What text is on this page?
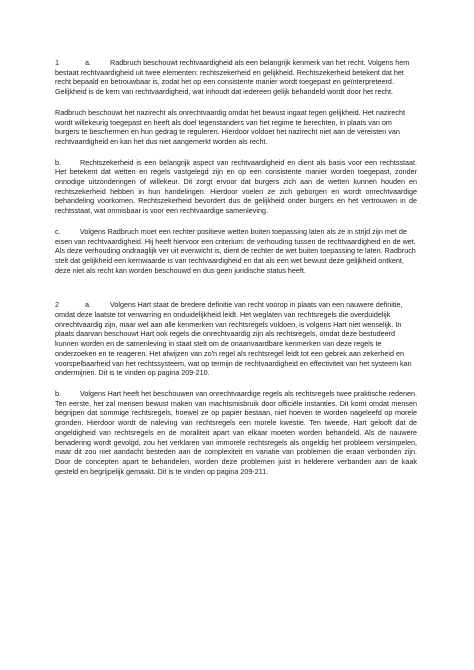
1	a.	Radbruch beschouwt rechtvaardigheid als een belangrijk kenmerk van het recht. Volgens hem bestaat rechtvaardigheid uit twee elementen: rechtszekerheid en gelijkheid. Rechtszekerheid betekent dat het recht bepaald en betrouwbaar is, zodat het op een consistente manier wordt toegepast en geïnterpreteerd. Gelijkheid is de kern van rechtvaardigheid, wat inhoudt dat iedereen gelijk behandeld wordt door het recht.

Radbruch beschouwt het nazirecht als onrechtvaardig omdat het bewust ingaat tegen gelijkheid. Het nazirecht wordt willekeurig toegepast en heeft als doel tegenstanders van het regime te berechten, in plaats van om burgers te beschermen en hun gedrag te reguleren. Hierdoor voldoet het nazirecht niet aan de vereisten van rechtvaardigheid en kan het dus niet aangemerkt worden als recht.

b.	Rechtszekerheid is een belangrijk aspect van rechtvaardigheid en dient als basis voor een rechtsstaat. Het betekent dat wetten en regels vastgelegd zijn en op een consistente manier worden toegepast, zonder onnodige uitzonderingen of willekeur. Dit zorgt ervoor dat burgers zich aan de wetten kunnen houden en rechtszekerheid hebben in hun handelingen. Hierdoor voelen ze zich geborgen en wordt onrechtvaardige behandeling voorkomen. Rechtszekerheid bevordert dus de gelijkheid onder burgers en het vertrouwen in de rechtsstaat, wat onmisbaar is voor een rechtvaardige samenleving.

c.	Volgens Radbruch moet een rechter positieve wetten buiten toepassing laten als ze in strijd zijn met de eisen van rechtvaardigheid. Hij heeft hiervoor een criterium: de verhouding tussen de rechtvaardigheid en de wet. Als deze verhouding ondraaglijk ver uit evenwicht is, dient de rechter de wet buiten toepassing te laten. Radbruch stelt dat gelijkheid een kernwaarde is van rechtvaardigheid en dat als een wet bewust deze gelijkheid ontkent, deze niet als recht kan worden beschouwd en dus geen juridische status heeft.

2	a.	Volgens Hart staat de bredere definitie van recht voorop in plaats van een nauwere definitie, omdat deze laatste tot verwarring en onduidelijkheid leidt. Het weglaten van rechtsregels die overduidelijk onrechtvaardig zijn, maar wel aan alle kenmerken van rechtsregels voldoen, is volgens Hart niet wenselijk. In plaats daarvan beschouwt Hart ook regels die onrechtvaardig zijn als rechtsregels, omdat deze bestudeerd kunnen worden en de samenleving in staat stelt om de onaanvaardbare kenmerken van deze regels te onderzoeken en te reageren. Het afwijzen van zo'n regel als rechtsregel leidt tot een gebrek aan zekerheid en voorspelbaarheid van het rechtssysteem, wat op termijn de rechtvaardigheid en effectiviteit van het systeem kan ondermijnen. Dit is te vinden op pagina 209-210.

b.	Volgens Hart heeft het beschouwen van onrechtvaardige regels als rechtsregels twee praktische redenen. Ten eerste, het zal mensen bewust maken van machtsmisbruik door officiële instanties. Dit komt omdat mensen begrijpen dat sommige rechtsregels, hoewel ze op papier bestaan, niet hoeven te worden nageleefd op morele gronden. Hierdoor wordt de naleving van rechtsregels een morele kwestie. Ten tweede, Hart gelooft dat de ongeldigheid van rechtsregels en de moraliteit apart van elkaar moeten worden behandeld. Als de nauwere benadering wordt gevolgd, zou het verklaren van immorele rechtsregels als ongeldig het probleem versimpelen, maar dit zou niet aandacht besteden aan de complexiteit en variatie van problemen die eraan verbonden zijn. Door de concepten apart te behandelen, worden deze problemen juist in helderere verbanden aan de kaak gesteld en begrijpelijk gemaakt. Dit is te vinden op pagina 209-211.
